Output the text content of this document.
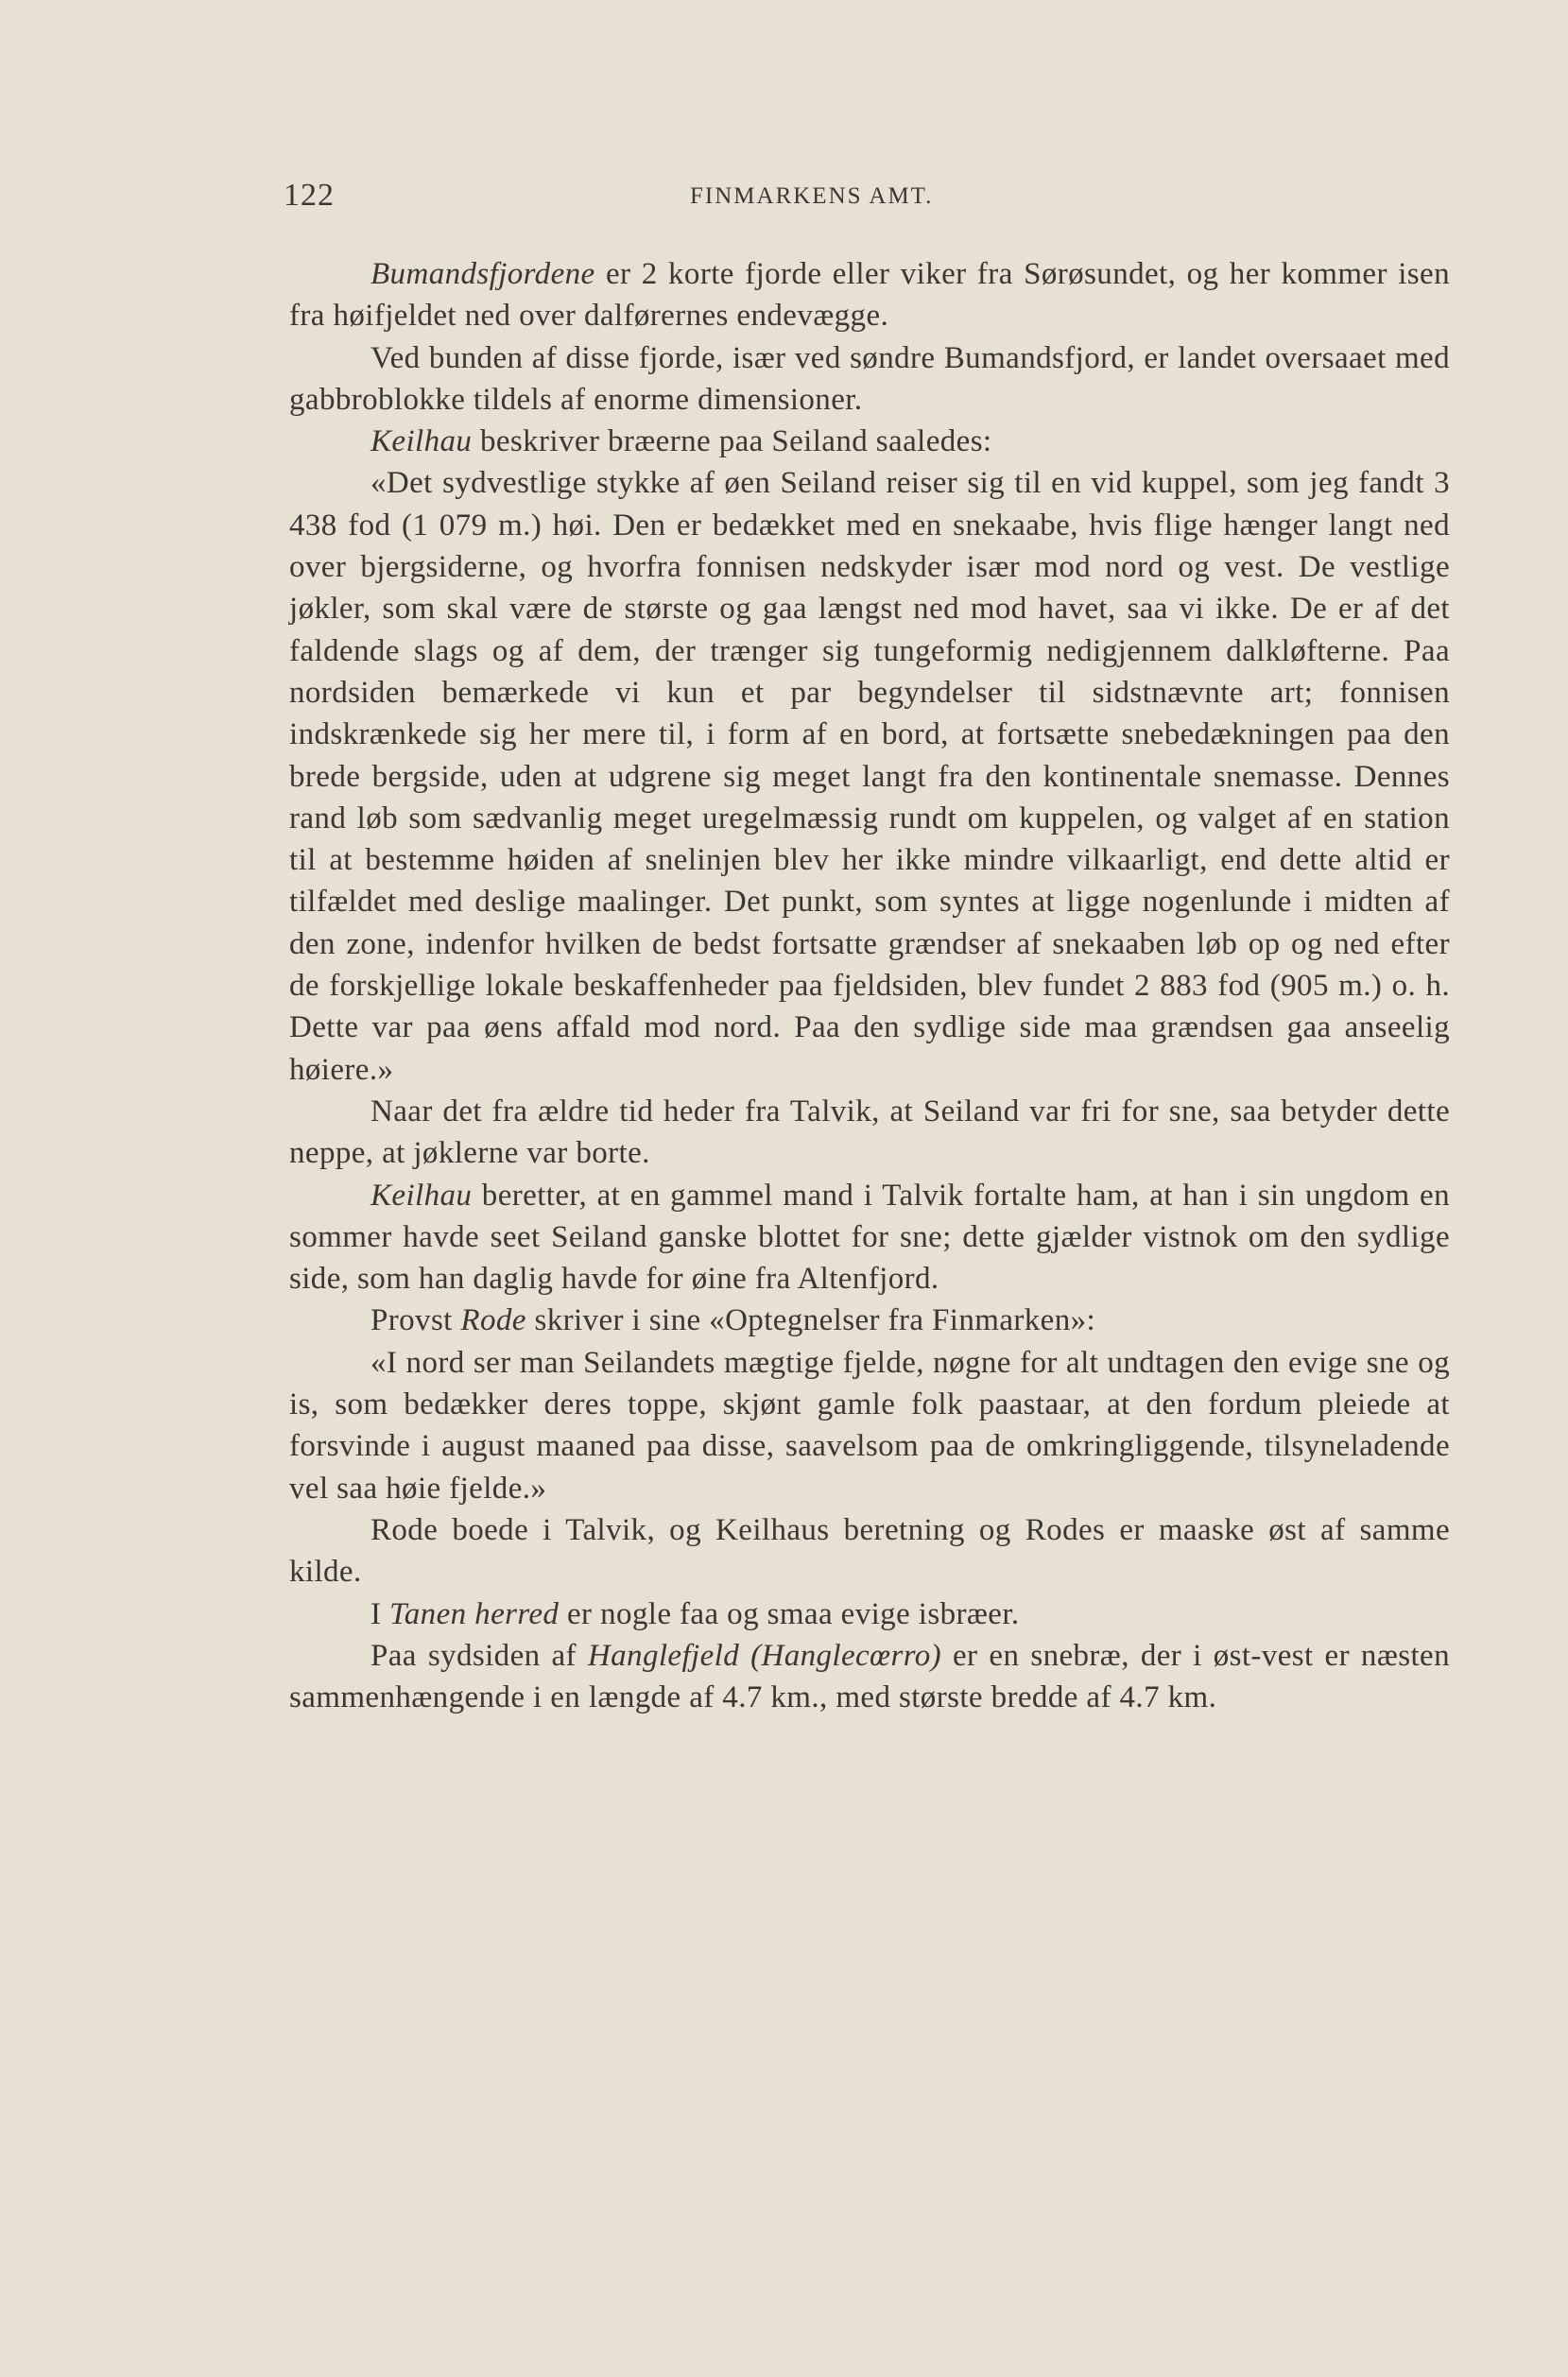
122	FINMARKENS AMT.

Bumandsfjordene er 2 korte fjorde eller viker fra Sørøsundet, og her kommer isen fra høifjeldet ned over dalførernes endevægge.

Ved bunden af disse fjorde, især ved søndre Bumandsfjord, er landet oversaaet med gabbroblokke tildels af enorme dimensioner.

Keilhau beskriver bræerne paa Seiland saaledes:

«Det sydvestlige stykke af øen Seiland reiser sig til en vid kuppel, som jeg fandt 3 438 fod (1 079 m.) høi. Den er bedækket med en snekaabe, hvis flige hænger langt ned over bjergsiderne, og hvorfra fonnisen nedskyder især mod nord og vest. De vestlige jøkler, som skal være de største og gaa længst ned mod havet, saa vi ikke. De er af det faldende slags og af dem, der trænger sig tungeformig nedigjennem dalkløfterne. Paa nordsiden bemærkede vi kun et par begyndelser til sidstnævnte art; fonnisen indskrænkede sig her mere til, i form af en bord, at fortsætte snebedækningen paa den brede bergside, uden at udgrene sig meget langt fra den kontinentale snemasse. Dennes rand løb som sædvanlig meget uregelmæssig rundt om kuppelen, og valget af en station til at bestemme høiden af snelinjen blev her ikke mindre vilkaarligt, end dette altid er tilfældet med deslige maalinger. Det punkt, som syntes at ligge nogenlunde i midten af den zone, indenfor hvilken de bedst fortsatte grændser af snekaaben løb op og ned efter de forskjellige lokale beskaffenheder paa fjeldsiden, blev fundet 2 883 fod (905 m.) o. h. Dette var paa øens affald mod nord. Paa den sydlige side maa grændsen gaa anseelig høiere.»

Naar det fra ældre tid heder fra Talvik, at Seiland var fri for sne, saa betyder dette neppe, at jøklerne var borte.

Keilhau beretter, at en gammel mand i Talvik fortalte ham, at han i sin ungdom en sommer havde seet Seiland ganske blottet for sne; dette gjælder vistnok om den sydlige side, som han daglig havde for øine fra Altenfjord.

Provst Rode skriver i sine «Optegnelser fra Finmarken»:

«I nord ser man Seilandets mægtige fjelde, nøgne for alt undtagen den evige sne og is, som bedækker deres toppe, skjønt gamle folk paastaar, at den fordum pleiede at forsvinde i august maaned paa disse, saavelsom paa de omkringliggende, tilsyneladende vel saa høie fjelde.»

Rode boede i Talvik, og Keilhaus beretning og Rodes er maaske øst af samme kilde.

I Tanen herred er nogle faa og smaa evige isbræer.

Paa sydsiden af Hanglefjeld (Hanglecœrro) er en snebræ, der i øst-vest er næsten sammenhængende i en længde af 4.7 km., med største bredde af 4.7 km.
